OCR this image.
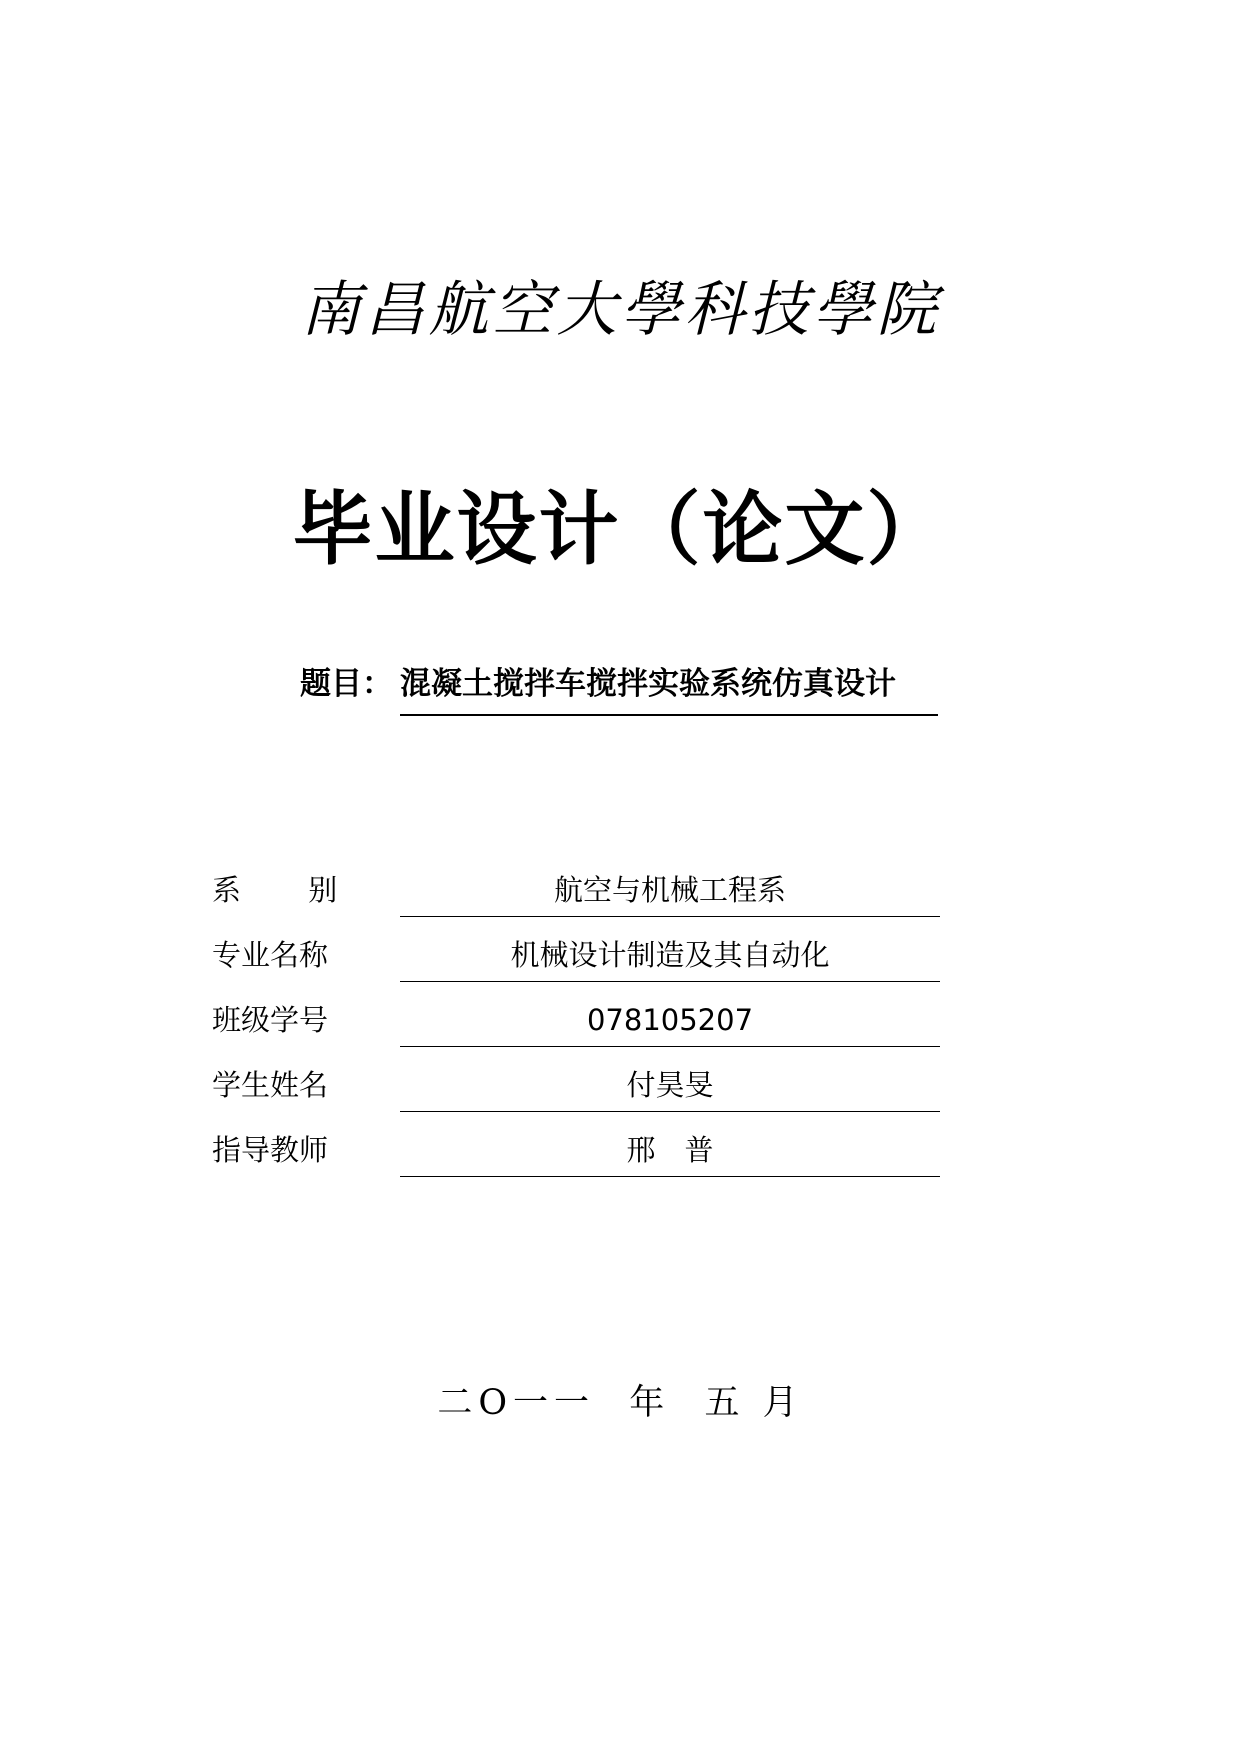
南昌航空大學科技學院
毕业设计（论文）
题目： 混凝土搅拌车搅拌实验系统仿真设计
系　　 别	航空与机械工程系
专业名称	机械设计制造及其自动化
班级学号	078105207
学生姓名	付昊旻
指导教师	邢　普
二O一一  年  五 月
